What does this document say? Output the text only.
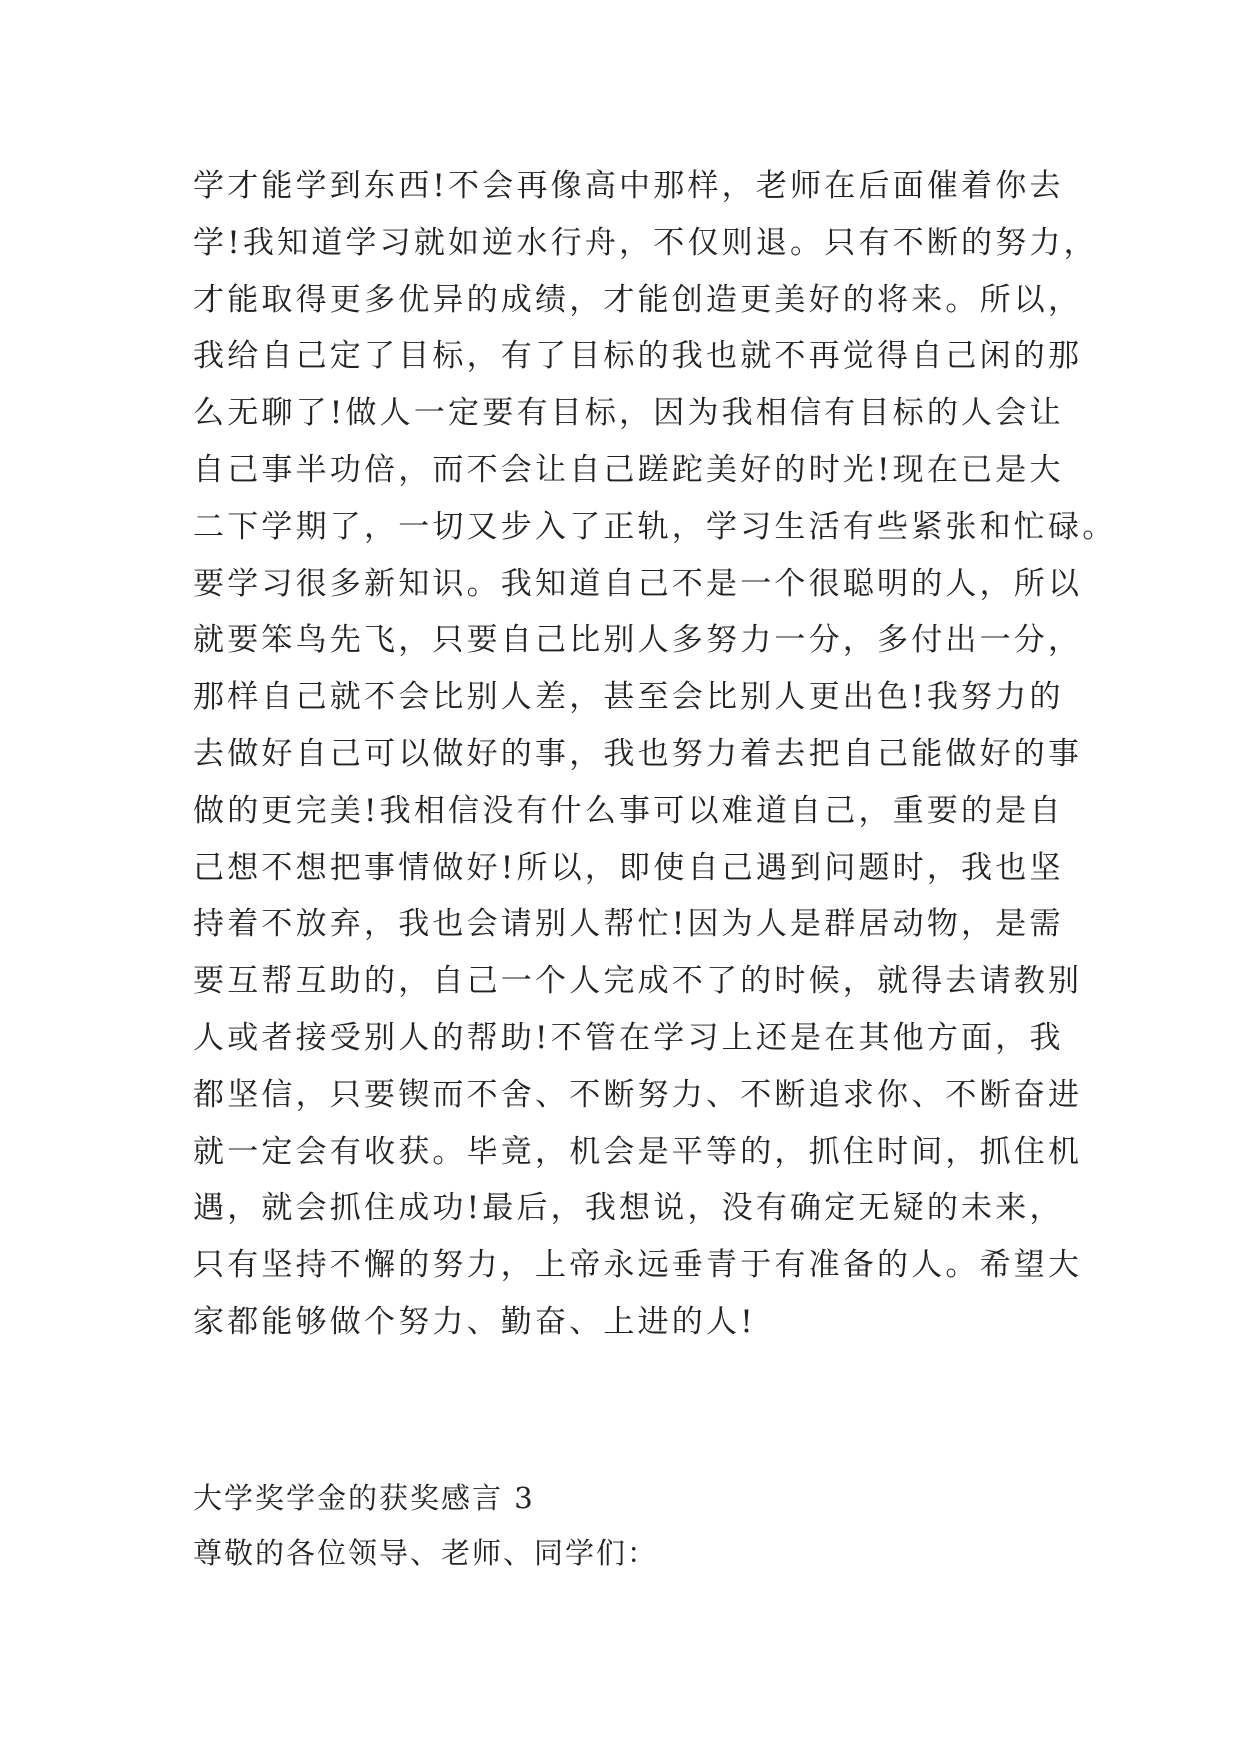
学才能学到东西!不会再像高中那样，老师在后面催着你去
学!我知道学习就如逆水行舟，不仅则退。只有不断的努力，
才能取得更多优异的成绩，才能创造更美好的将来。所以，
我给自己定了目标，有了目标的我也就不再觉得自己闲的那
么无聊了!做人一定要有目标，因为我相信有目标的人会让
自己事半功倍，而不会让自己蹉跎美好的时光!现在已是大
二下学期了，一切又步入了正轨，学习生活有些紧张和忙碌。
要学习很多新知识。我知道自己不是一个很聪明的人，所以
就要笨鸟先飞，只要自己比别人多努力一分，多付出一分，
那样自己就不会比别人差，甚至会比别人更出色!我努力的
去做好自己可以做好的事，我也努力着去把自己能做好的事
做的更完美!我相信没有什么事可以难道自己，重要的是自
己想不想把事情做好!所以，即使自己遇到问题时，我也坚
持着不放弃，我也会请别人帮忙!因为人是群居动物，是需
要互帮互助的，自己一个人完成不了的时候，就得去请教别
人或者接受别人的帮助!不管在学习上还是在其他方面，我
都坚信，只要锲而不舍、不断努力、不断追求你、不断奋进
就一定会有收获。毕竟，机会是平等的，抓住时间，抓住机
遇，就会抓住成功!最后，我想说，没有确定无疑的未来，
只有坚持不懈的努力，上帝永远垂青于有准备的人。希望大
家都能够做个努力、勤奋、上进的人!
大学奖学金的获奖感言 3

尊敬的各位领导、老师、同学们：
